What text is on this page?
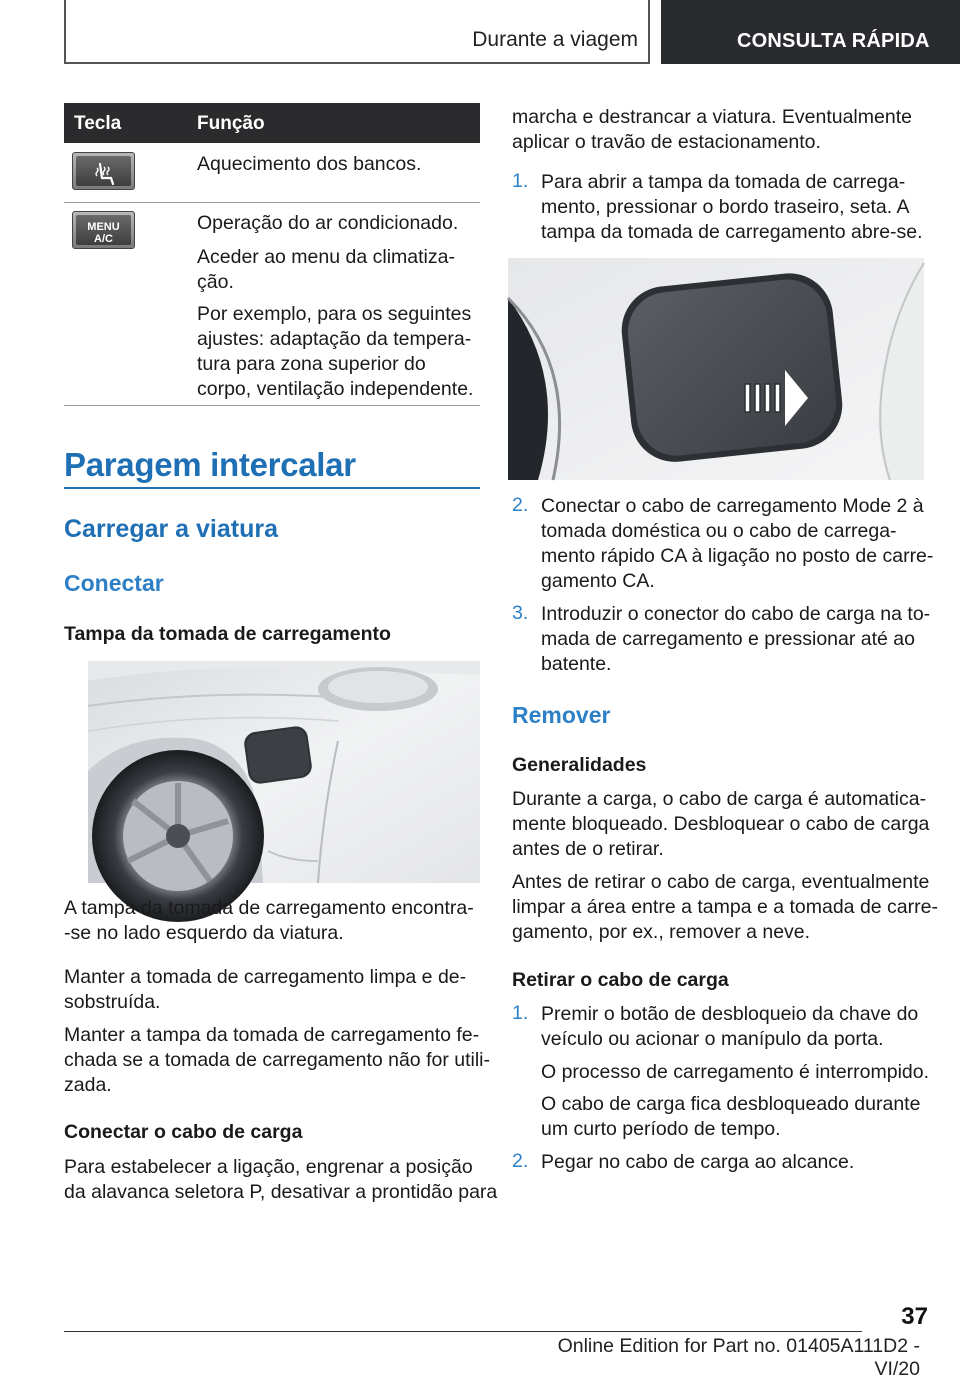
Durante a viagem	CONSULTA RÁPIDA
Tecla	Função
Aquecimento dos bancos.
MENU
A/C
Operação do ar condicionado.
Aceder ao menu da climatiza-
ção.
Por exemplo, para os seguintes
ajustes: adaptação da tempera-
tura para zona superior do
corpo, ventilação independente.
Paragem intercalar
Carregar a viatura
Conectar
Tampa da tomada de carregamento
A tampa da tomada de carregamento encontra-
-se no lado esquerdo da viatura.
Manter a tomada de carregamento limpa e de-
sobstruída.
Manter a tampa da tomada de carregamento fe-
chada se a tomada de carregamento não for utili-
zada.
Conectar o cabo de carga
Para estabelecer a ligação, engrenar a posição
da alavanca seletora P, desativar a prontidão para
marcha e destrancar a viatura. Eventualmente
aplicar o travão de estacionamento.
1. Para abrir a tampa da tomada de carrega-
mento, pressionar o bordo traseiro, seta. A
tampa da tomada de carregamento abre-se.
2. Conectar o cabo de carregamento Mode 2 à
tomada doméstica ou o cabo de carrega-
mento rápido CA à ligação no posto de carre-
gamento CA.
3. Introduzir o conector do cabo de carga na to-
mada de carregamento e pressionar até ao
batente.
Remover
Generalidades
Durante a carga, o cabo de carga é automatica-
mente bloqueado. Desbloquear o cabo de carga
antes de o retirar.
Antes de retirar o cabo de carga, eventualmente
limpar a área entre a tampa e a tomada de carre-
gamento, por ex., remover a neve.
Retirar o cabo de carga
1. Premir o botão de desbloqueio da chave do
veículo ou acionar o manípulo da porta.
O processo de carregamento é interrompido.
O cabo de carga fica desbloqueado durante
um curto período de tempo.
2. Pegar no cabo de carga ao alcance.
37
Online Edition for Part no. 01405A111D2 - VI/20
